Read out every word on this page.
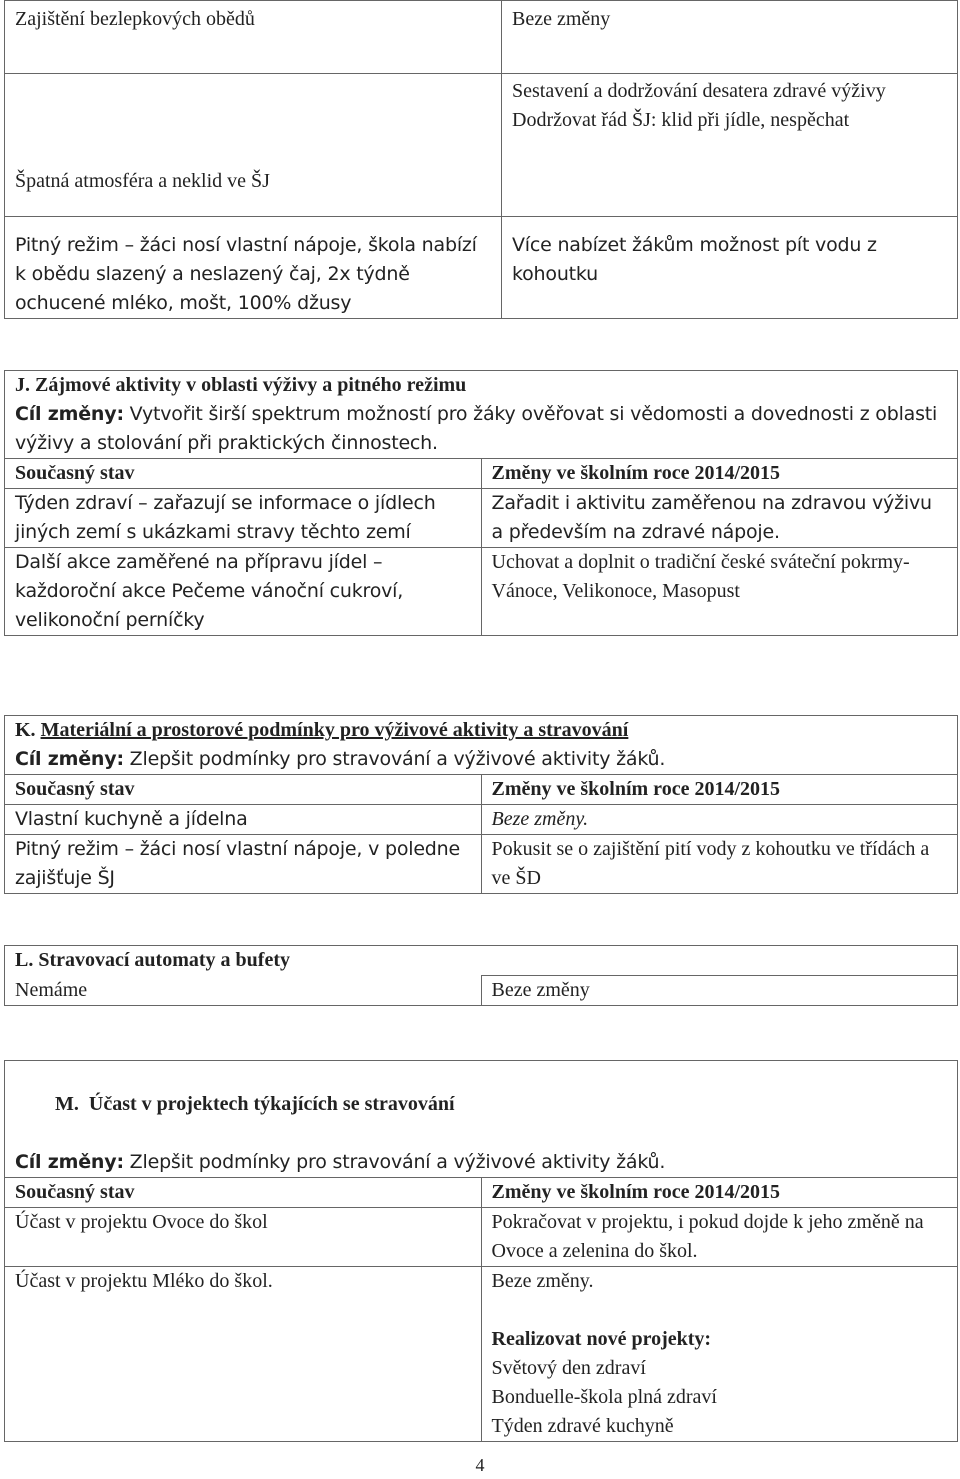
Zajištění bezlepkových obědů	Beze změny
Špatná atmosféra a neklid ve ŠJ	Sestavení a dodržování desatera zdravé výživy
Dodržovat řád ŠJ: klid při jídle, nespěchat

Pitný režim – žáci nosí vlastní nápoje, škola nabízí k obědu slazený a neslazený čaj, 2x týdně ochucené mléko, mošt, 100% džusy	Více nabízet žákům možnost pít vodu z kohoutku
J. Zájmové aktivity v oblasti výživy a pitného režimu	

Cíl změny: Vytvořit širší spektrum možností pro žáky ověřovat si vědomosti a dovednosti z oblasti výživy a stolování při praktických činnostech.	
Současný stav	Změny ve školním roce 2014/2015
Týden zdraví – zařazují se informace o jídlech jiných zemí s ukázkami stravy těchto zemí	Zařadit i aktivitu zaměřenou na zdravou výživu a především na zdravé nápoje.
Další akce zaměřené na přípravu jídel – každoroční akce Pečeme vánoční cukroví, velikonoční perníčky	Uchovat a doplnit o tradiční české sváteční pokrmy-Vánoce, Velikonoce, Masopust
K. Materiální a prostorové podmínky pro výživové aktivity a stravování	
Cíl změny: Zlepšit podmínky pro stravování a výživové aktivity žáků.	
Současný stav	Změny ve školním roce 2014/2015
Vlastní kuchyně a jídelna	Beze změny.
Pitný režim – žáci nosí vlastní nápoje, v poledne zajišťuje ŠJ	Pokusit se o zajištění pití vody z kohoutku ve třídách a ve ŠD
L. Stravovací automaty a bufety
Nemáme	Beze změny

M.  Účast v projektech týkajících se stravování	

Cíl změny: Zlepšit podmínky pro stravování a výživové aktivity žáků.	
Současný stav	Změny ve školním roce 2014/2015
Účast v projektu Ovoce do škol	Pokračovat v projektu, i pokud dojde k jeho změně na Ovoce a zelenina do škol.
Účast v projektu Mléko do škol.	Beze změny.
Realizovat nové projekty:
Světový den zdraví
Bonduelle-škola plná zdraví
Týden zdravé kuchyně
4
